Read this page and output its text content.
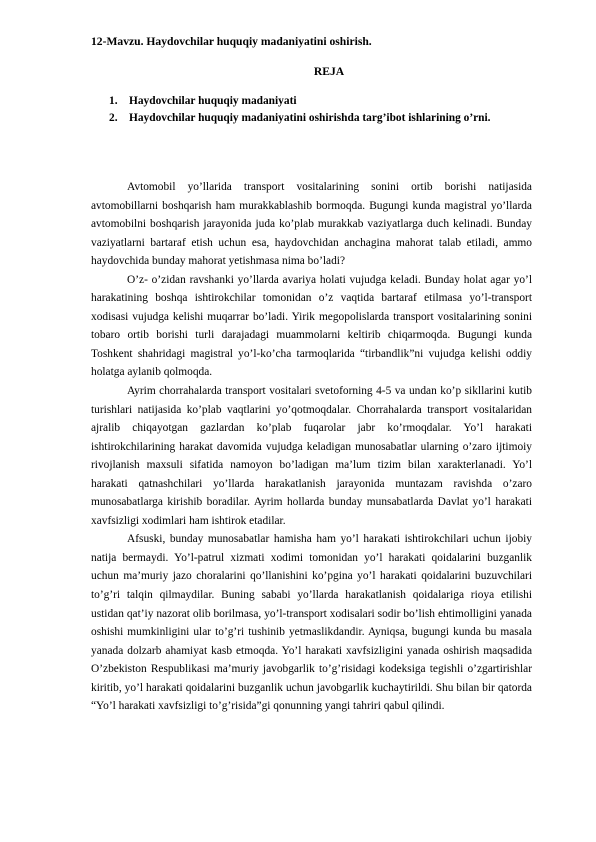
12-Mavzu. Haydovchilar huquqiy madaniyatini oshirish.
REJA
1.	Haydovchilar huquqiy madaniyati
2.	Haydovchilar huquqiy madaniyatini oshirishda targ’ibot ishlarining o’rni.

Avtomobil yo’llarida transport vositalarining sonini ortib borishi natijasida avtomobillarni boshqarish ham murakkablashib bormoqda. Bugungi kunda magistral yo’llarda avtomobilni boshqarish jarayonida juda ko’plab murakkab vaziyatlarga duch kelinadi. Bunday vaziyatlarni bartaraf etish uchun esa, haydovchidan anchagina mahorat talab etiladi, ammo haydovchida bunday mahorat yetishmasa nima bo’ladi?

O’z- o’zidan ravshanki yo’llarda avariya holati vujudga keladi. Bunday holat agar yo’l harakatining boshqa ishtirokchilar tomonidan o’z vaqtida bartaraf etilmasa yo’l-transport xodisasi vujudga kelishi muqarrar bo’ladi. Yirik megopolislarda transport vositalarining sonini tobaro ortib borishi turli darajadagi muammolarni keltirib chiqarmoqda. Bugungi kunda Toshkent shahridagi magistral yo’l-ko’cha tarmoqlarida “tirbandlik”ni vujudga kelishi oddiy holatga aylanib qolmoqda.

Ayrim chorrahalarda transport vositalari svetoforning 4-5 va undan ko’p sikllarini kutib turishlari natijasida ko’plab vaqtlarini yo’qotmoqdalar. Chorrahalarda transport vositalaridan ajralib chiqayotgan gazlardan ko’plab fuqarolar jabr ko’rmoqdalar. Yo’l harakati ishtirokchilarining harakat davomida vujudga keladigan munosabatlar ularning o’zaro ijtimoiy rivojlanish maxsuli sifatida namoyon bo’ladigan ma’lum tizim bilan xarakterlanadi. Yo’l harakati qatnashchilari yo’llarda harakatlanish jarayonida muntazam ravishda o’zaro munosabatlarga kirishib boradilar. Ayrim hollarda bunday munsabatlarda Davlat yo’l harakati xavfsizligi xodimlari ham ishtirok etadilar.

Afsuski, bunday munosabatlar hamisha ham yo’l harakati ishtirokchilari uchun ijobiy natija bermaydi. Yo’l-patrul xizmati xodimi tomonidan yo’l harakati qoidalarini buzganlik uchun ma’muriy jazo choralarini qo’llanishini ko’pgina yo’l harakati qoidalarini buzuvchilari to’g’ri talqin qilmaydilar. Buning sababi yo’llarda harakatlanish qoidalariga rioya etilishi ustidan qat’iy nazorat olib borilmasa, yo’l-transport xodisalari sodir bo’lish ehtimolligini yanada oshishi mumkinligini ular to’g’ri tushinib yetmaslikdandir. Ayniqsa, bugungi kunda bu masala yanada dolzarb ahamiyat kasb etmoqda. Yo’l harakati xavfsizligini yanada oshirish maqsadida O’zbekiston Respublikasi ma’muriy javobgarlik to’g’risidagi kodeksiga tegishli o’zgartirishlar kiritib, yo’l harakati qoidalarini buzganlik uchun javobgarlik kuchaytirildi. Shu bilan bir qatorda “Yo’l harakati xavfsizligi to’g’risida”gi qonunning yangi tahriri qabul qilindi.
